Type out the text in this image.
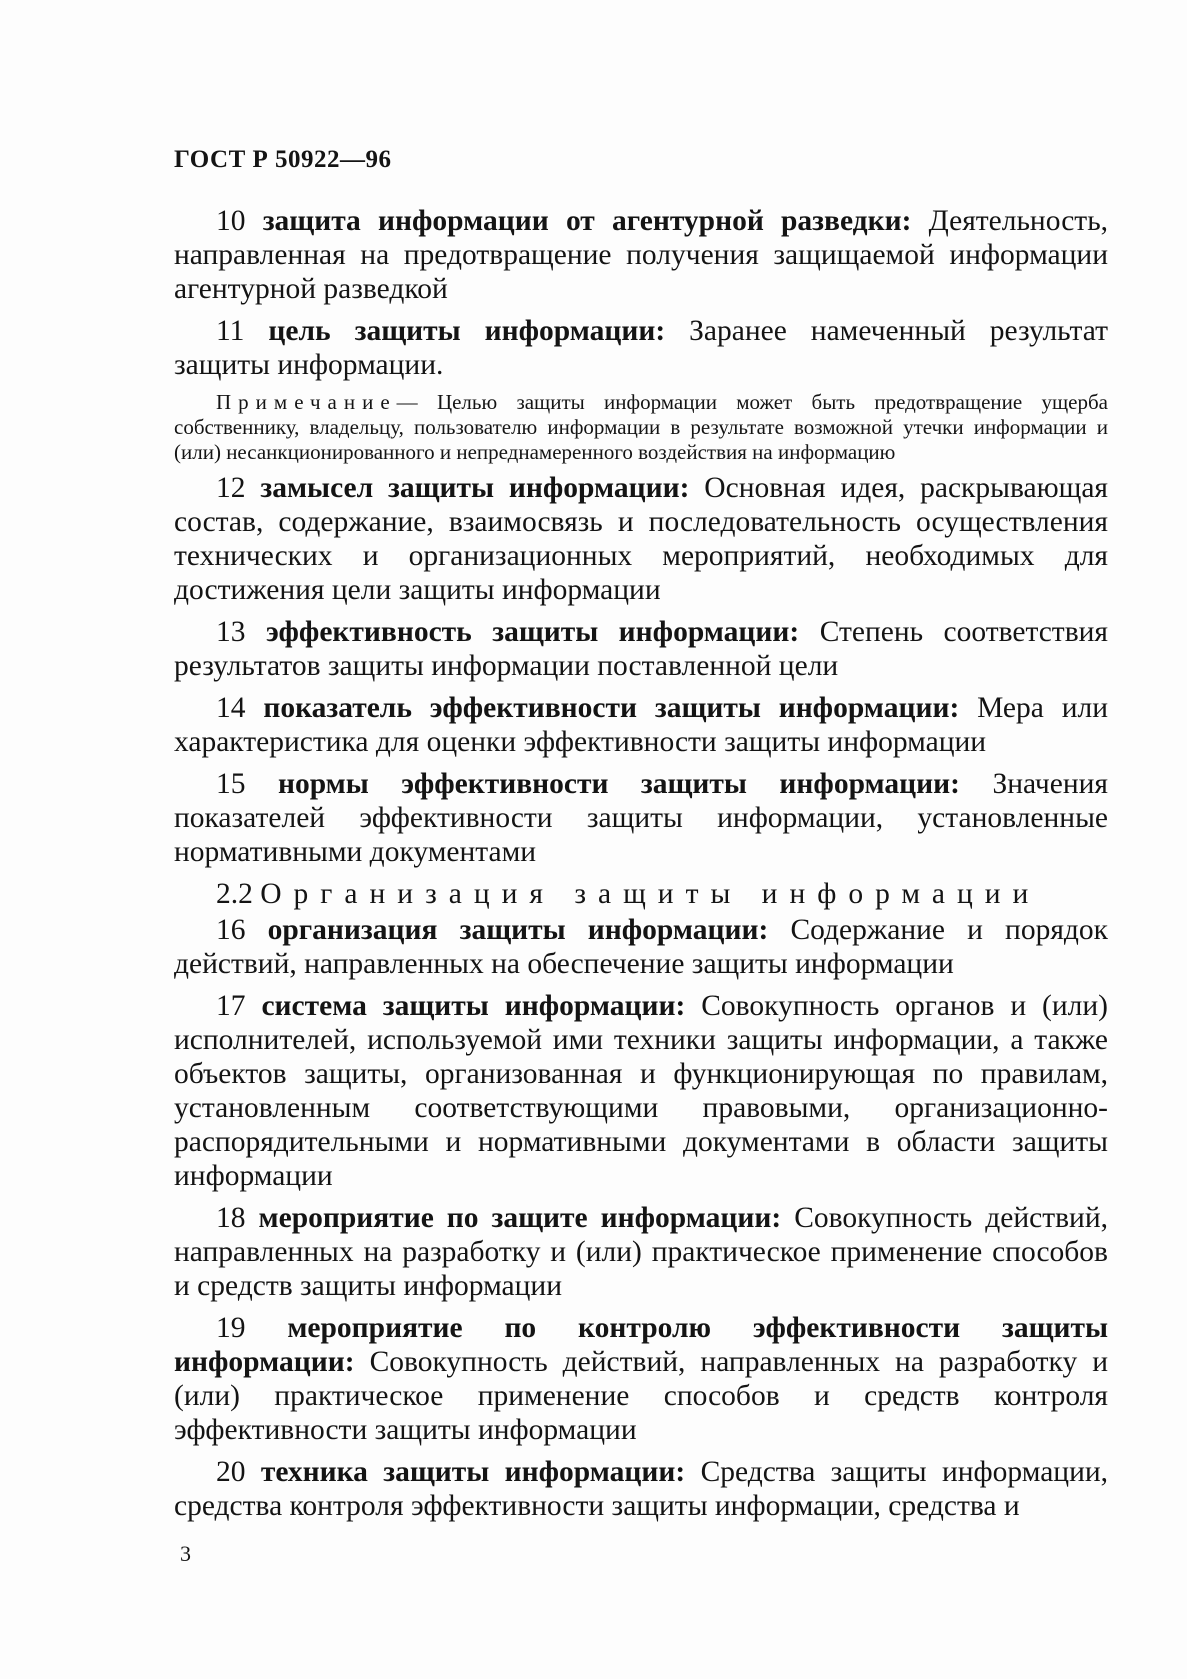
ГОСТ Р 50922—96

10 защита информации от агентурной разведки: Деятельность, направленная на предотвращение получения защищаемой информации агентурной разведкой

11 цель защиты информации: Заранее намеченный результат защиты информации.

Примечание— Целью защиты информации может быть предотвращение ущерба собственнику, владельцу, пользователю информации в результате возможной утечки информации и (или) несанкционированного и непреднамеренного воздействия на информацию

12 замысел защиты информации: Основная идея, раскрывающая состав, содержание, взаимосвязь и последовательность осуществления технических и организационных мероприятий, необходимых для достижения цели защиты информации

13 эффективность защиты информации: Степень соответствия результатов защиты информации поставленной цели

14 показатель эффективности защиты информации: Мера или характеристика для оценки эффективности защиты информации

15 нормы эффективности защиты информации: Значения показателей эффективности защиты информации, установленные нормативными документами

2.2 Организация защиты информации

16 организация защиты информации: Содержание и порядок действий, направленных на обеспечение защиты информации

17 система защиты информации: Совокупность органов и (или) исполнителей, используемой ими техники защиты информации, а также объектов защиты, организованная и функционирующая по правилам, установленным соответствующими правовыми, организационно-распорядительными и нормативными документами в области защиты информации

18 мероприятие по защите информации: Совокупность действий, направленных на разработку и (или) практическое применение способов и средств защиты информации

19 мероприятие по контролю эффективности защиты информации: Совокупность действий, направленных на разработку и (или) практическое применение способов и средств контроля эффективности защиты информации

20 техника защиты информации: Средства защиты информации, средства контроля эффективности защиты информации, средства и

3
